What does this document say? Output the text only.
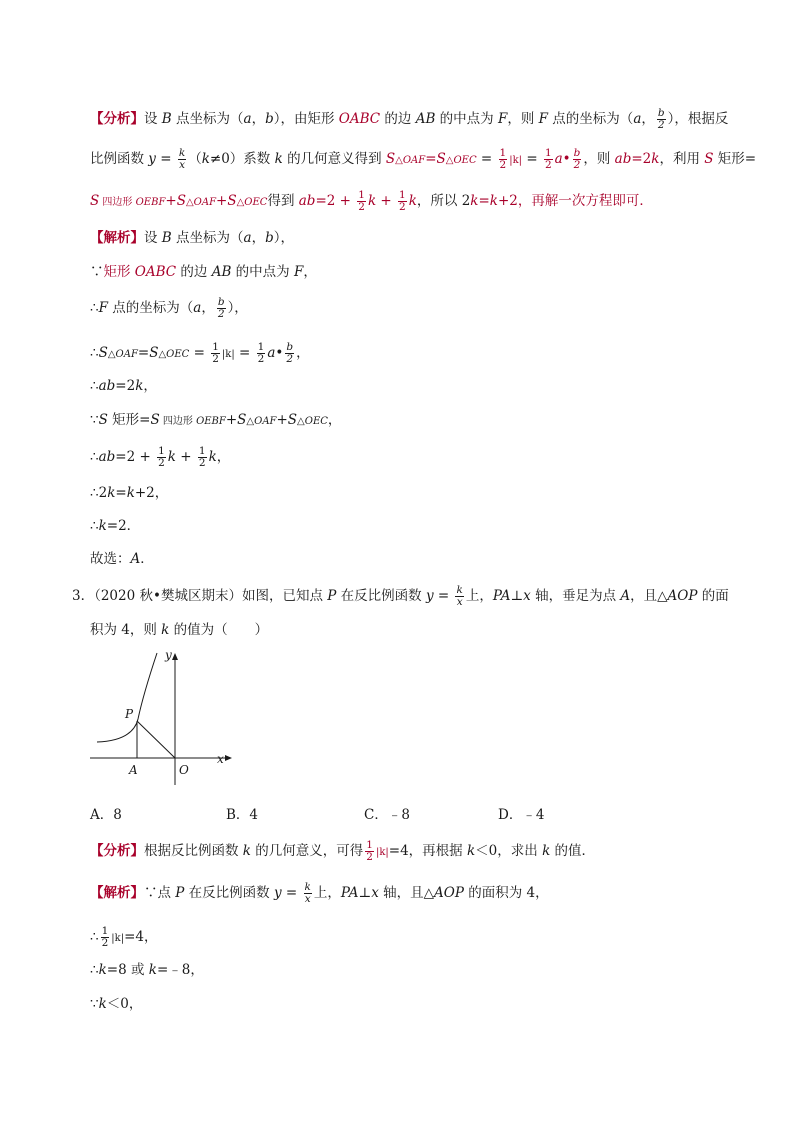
【分析】设 B 点坐标为（a，b），由矩形 OABC 的边 AB 的中点为 F，则 F 点的坐标为（a， $\frac{b}{2}$ ），根据反
比例函数 $y = \frac{k}{x} (k\ne 0)$系数 k 的几何意义得到 S△OAF=S△OEC = $\frac{1}{2} |k| = \frac{1}{2}$ a• $\frac{b}{2}$ ，则 ab=2k，利用 S 矩形=
S 四边形 OEBF+S△OAF+S△OEC得到 $ab=2 + \frac{1}{2}$ $k + \frac{1}{2}$ k，所以 2k=k+2，再解一次方程即可．
【解析】设 B 点坐标为（a，b），
∵矩形 OABC 的边 AB 的中点为 F，
∴F 点的坐标为（a， $\frac{b}{2}$ ），
∴S△OAF=S△OEC = $\frac{1}{2} |k| = \frac{1}{2}$ a• $\frac{b}{2}$ ，
∴ab=2k，
∵S 矩形=S 四边形 OEBF+S△OAF+S△OEC，
∴ab=2 + $\frac{1}{2}$ $k + \frac{1}{2}$ k，
∴2k=k+2，
∴k=2．
故选：A．
3．（2020 秋•樊城区期末）如图，已知点 P 在反比例函数 $y = \frac{k}{x}$ 上，PA⊥x 轴，垂足为点 A，且△AOP 的面
积为 4，则 k 的值为（　　）
y
x
P
A	O
A．8	B．4	C．﹣8	D．﹣4
【分析】根据反比例函数 k 的几何意义，可得 $\frac{1}{2} |k|=4$，再根据 k＜0，求出 k 的值．
【解析】∵点 P 在反比例函数 $y = \frac{k}{x}$ 上，PA⊥x 轴，且△AOP 的面积为 4，
∴ $\frac{1}{2} |k|=4$，
∴k=8 或 k=﹣8，
∵k＜0，
